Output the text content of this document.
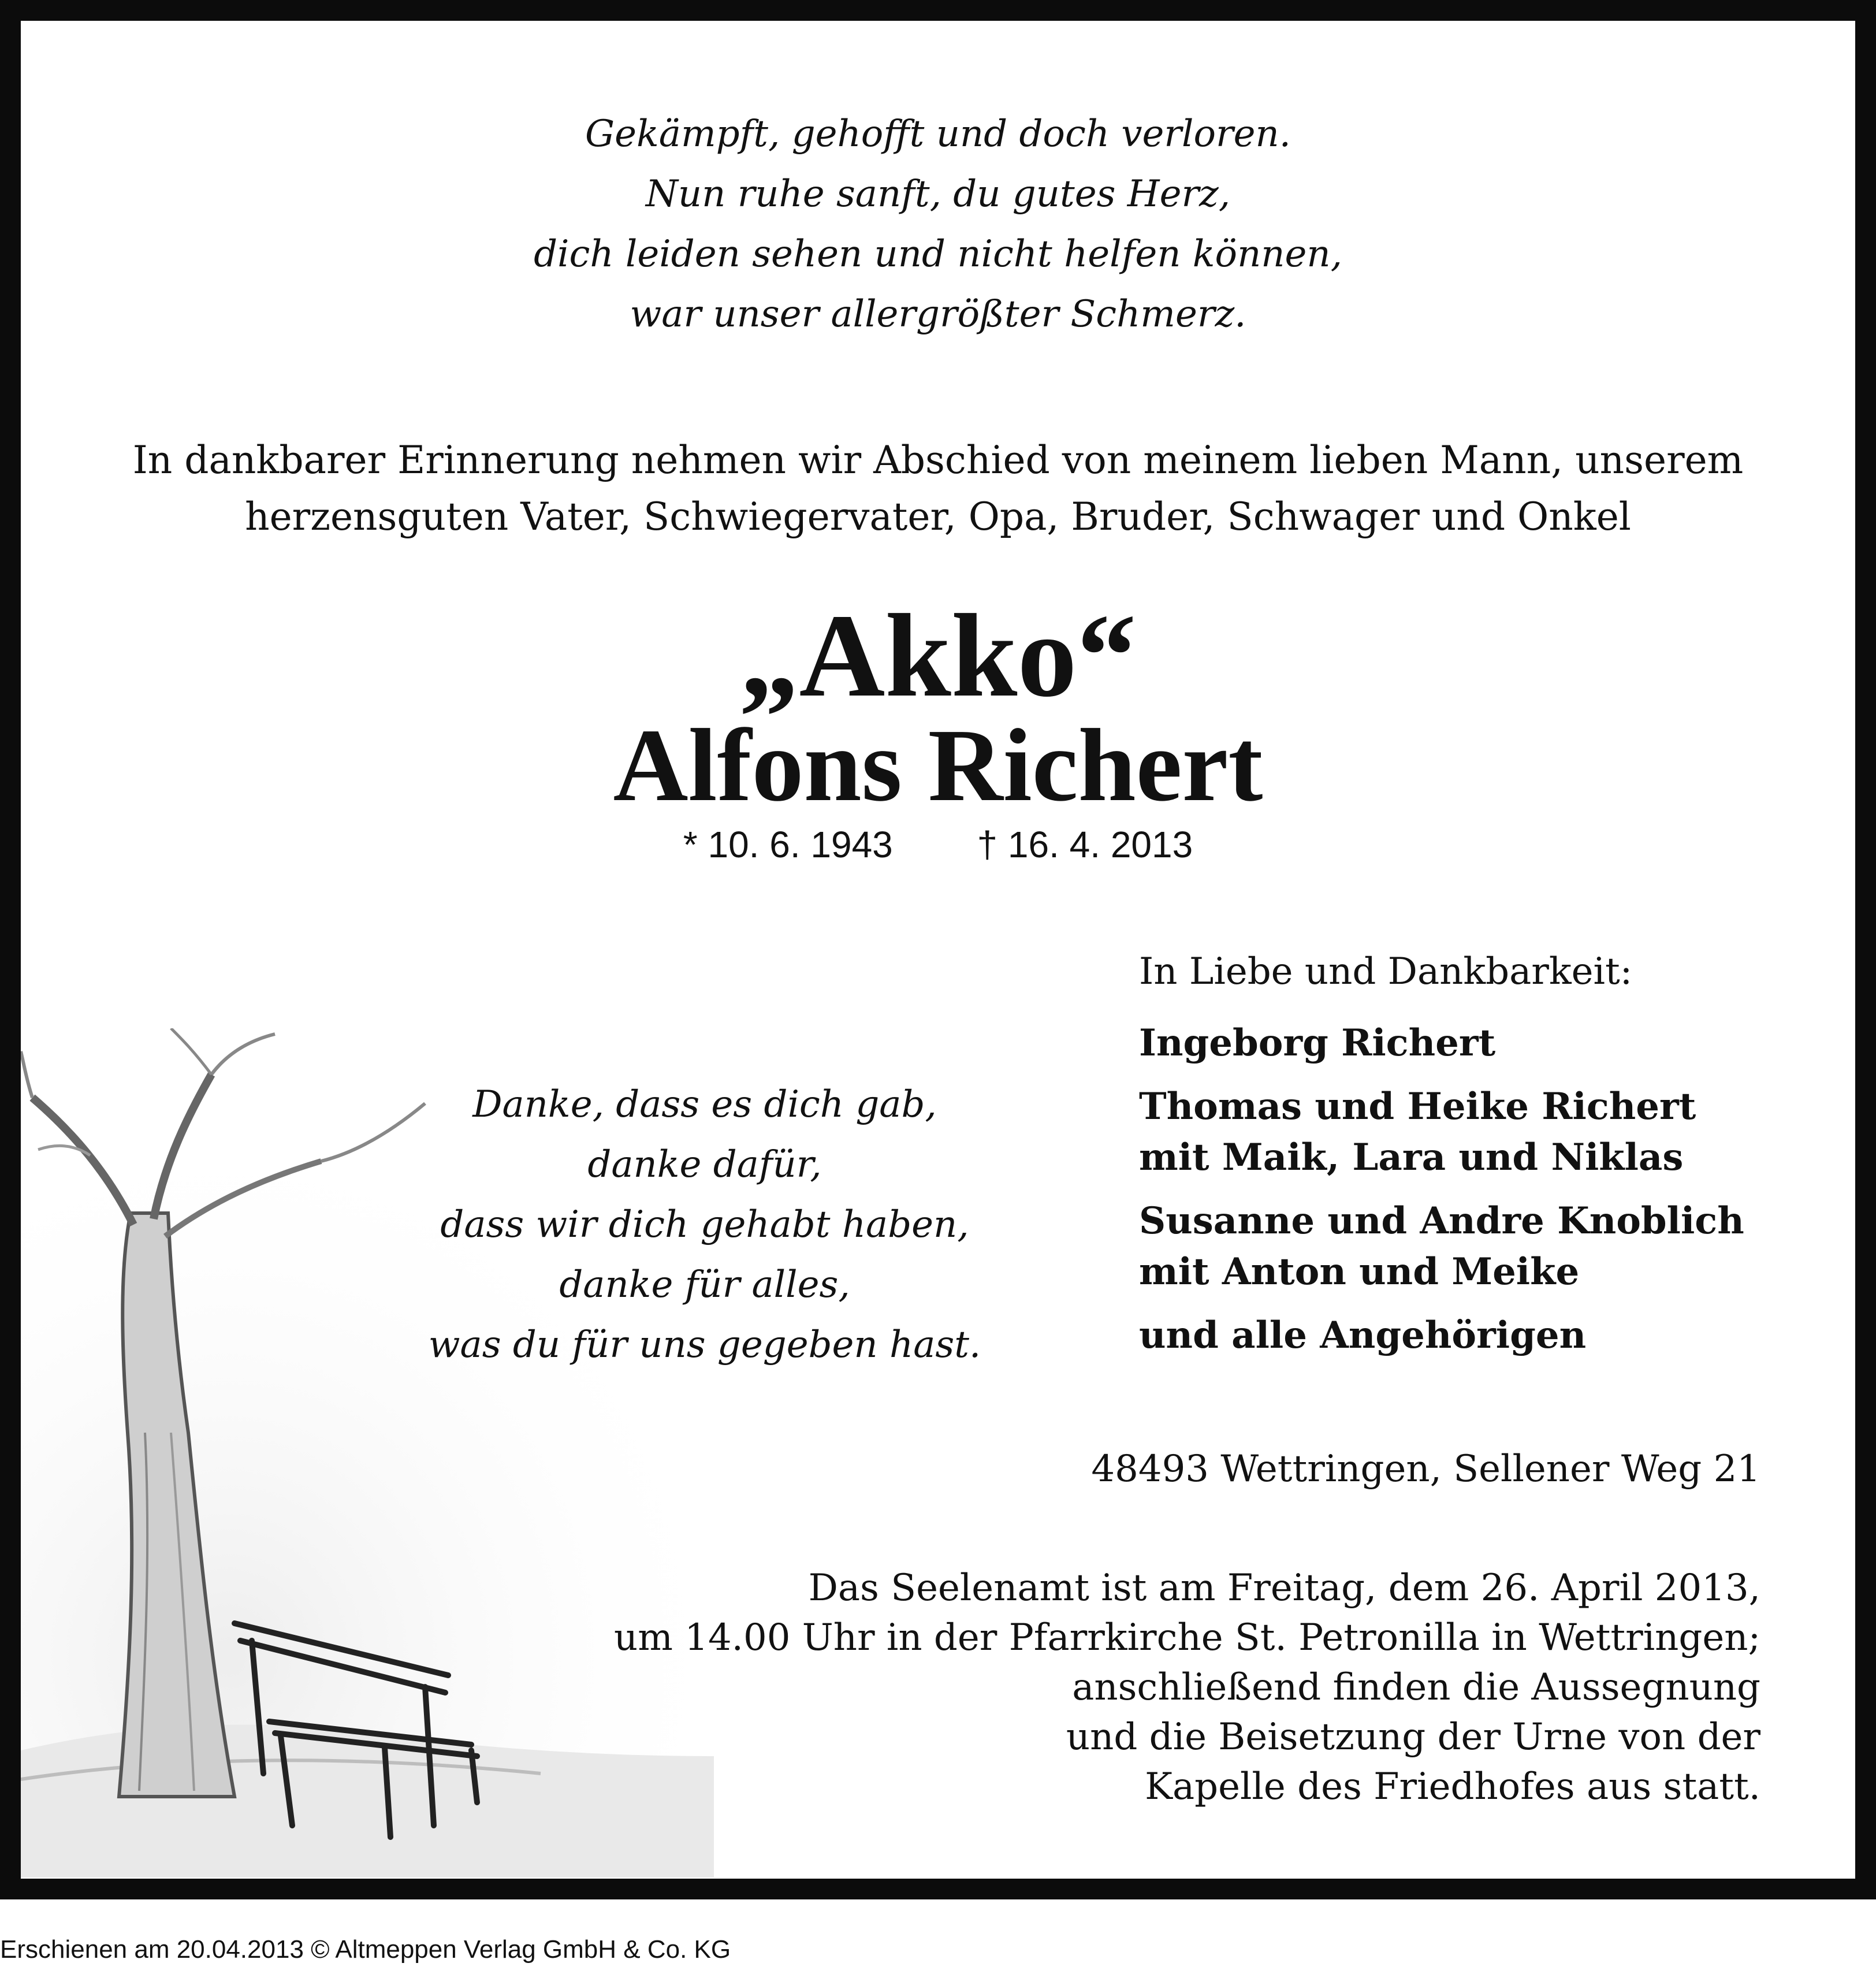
Gekämpft, gehofft und doch verloren.
Nun ruhe sanft, du gutes Herz,
dich leiden sehen und nicht helfen können,
war unser allergrößter Schmerz.
In dankbarer Erinnerung nehmen wir Abschied von meinem lieben Mann, unserem
herzensguten Vater, Schwiegervater, Opa, Bruder, Schwager und Onkel
„Akko“
Alfons Richert
* 10. 6. 1943 † 16. 4. 2013
Danke, dass es dich gab,
danke dafür,
dass wir dich gehabt haben,
danke für alles,
was du für uns gegeben hast.
In Liebe und Dankbarkeit:
Ingeborg Richert
Thomas und Heike Richert
mit Maik, Lara und Niklas
Susanne und Andre Knoblich
mit Anton und Meike
und alle Angehörigen
48493 Wettringen, Sellener Weg 21
Das Seelenamt ist am Freitag, dem 26. April 2013,
um 14.00 Uhr in der Pfarrkirche St. Petronilla in Wettringen;
anschließend finden die Aussegnung
und die Beisetzung der Urne von der
Kapelle des Friedhofes aus statt.
Erschienen am 20.04.2013 © Altmeppen Verlag GmbH & Co. KG
